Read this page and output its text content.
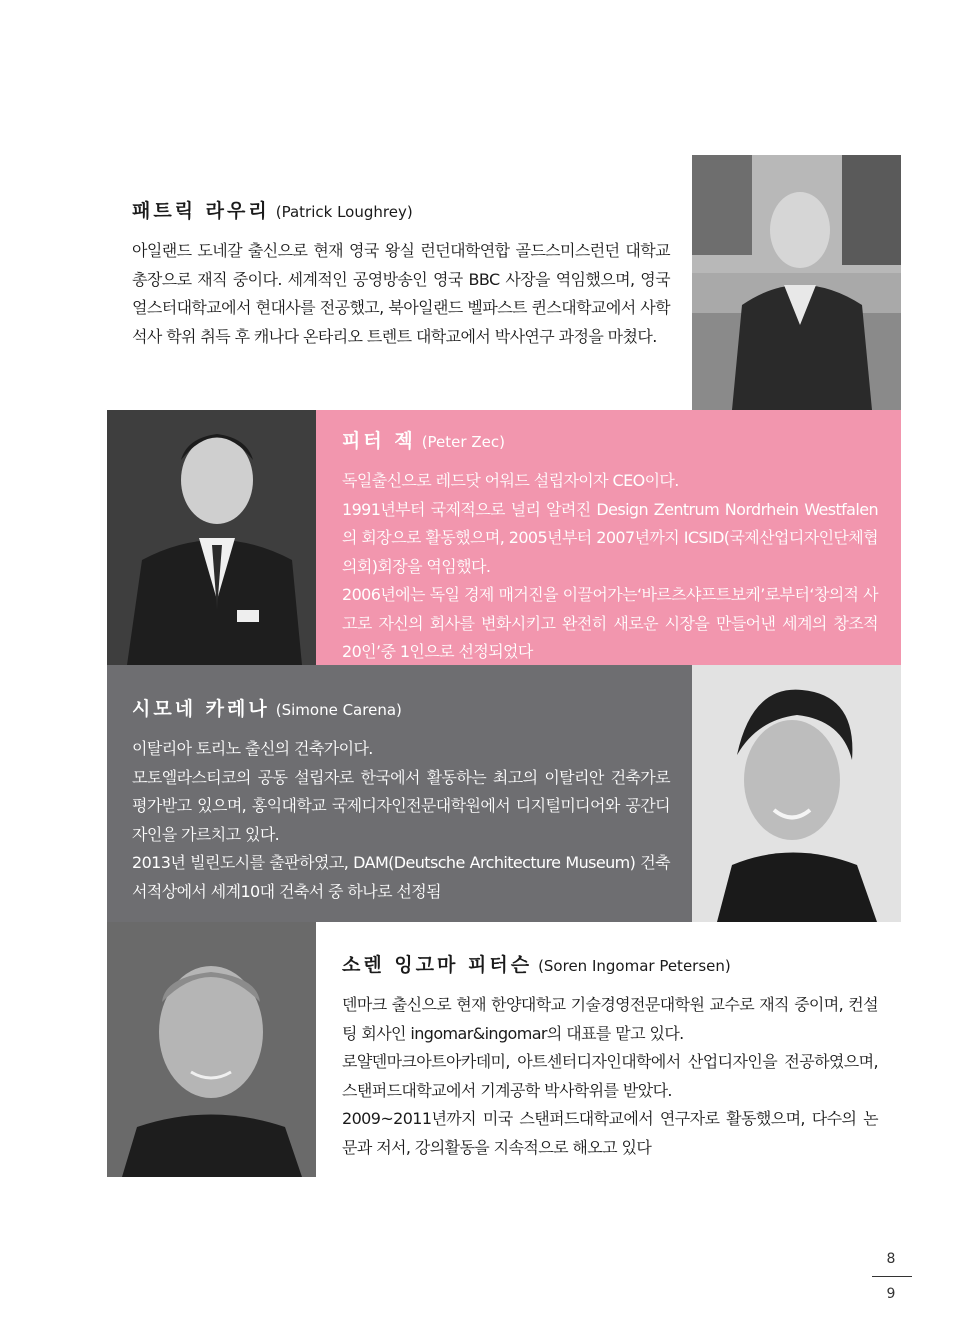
패트릭 라우리 (Patrick Loughrey)

아일랜드 도네갈 출신으로 현재 영국 왕실 런던대학연합 골드스미스런던 대학교 총장으로 재직 중이다. 세계적인 공영방송인 영국 BBC 사장을 역임했으며, 영국 얼스터대학교에서 현대사를 전공했고, 북아일랜드 벨파스트 퀸스대학교에서 사학 석사 학위 취득 후 캐나다 온타리오 트렌트 대학교에서 박사연구 과정을 마쳤다.

피터 젝 (Peter Zec)

독일출신으로 레드닷 어워드 설립자이자 CEO이다.

1991년부터 국제적으로 널리 알려진 Design Zentrum Nordrhein Westfalen의 회장으로 활동했으며, 2005년부터 2007년까지 ICSID(국제산업디자인단체협의회)회장을 역임했다.

2006년에는 독일 경제 매거진을 이끌어가는‘바르츠샤프트보케’로부터‘창의적 사고로 자신의 회사를 변화시키고 완전히 새로운 시장을 만들어낸 세계의 창조적 20인’중 1인으로 선정되었다

시모네 카레나 (Simone Carena)

이탈리아 토리노 출신의 건축가이다.

모토엘라스티코의 공동 설립자로 한국에서 활동하는 최고의 이탈리안 건축가로 평가받고 있으며, 홍익대학교 국제디자인전문대학원에서 디지털미디어와 공간디자인을 가르치고 있다.

2013년 빌린도시를 출판하였고, DAM(Deutsche Architecture Museum) 건축서적상에서 세계10대 건축서 중 하나로 선정됨

소렌 잉고마 피터슨 (Soren Ingomar Petersen)

덴마크 출신으로 현재 한양대학교 기술경영전문대학원 교수로 재직 중이며, 컨설팅 회사인 ingomar&ingomar의 대표를 맡고 있다.

로얄덴마크아트아카데미, 아트센터디자인대학에서 산업디자인을 전공하였으며, 스탠퍼드대학교에서 기계공학 박사학위를 받았다.

2009~2011년까지 미국 스탠퍼드대학교에서 연구자로 활동했으며, 다수의 논문과 저서, 강의활동을 지속적으로 해오고 있다

8
9
